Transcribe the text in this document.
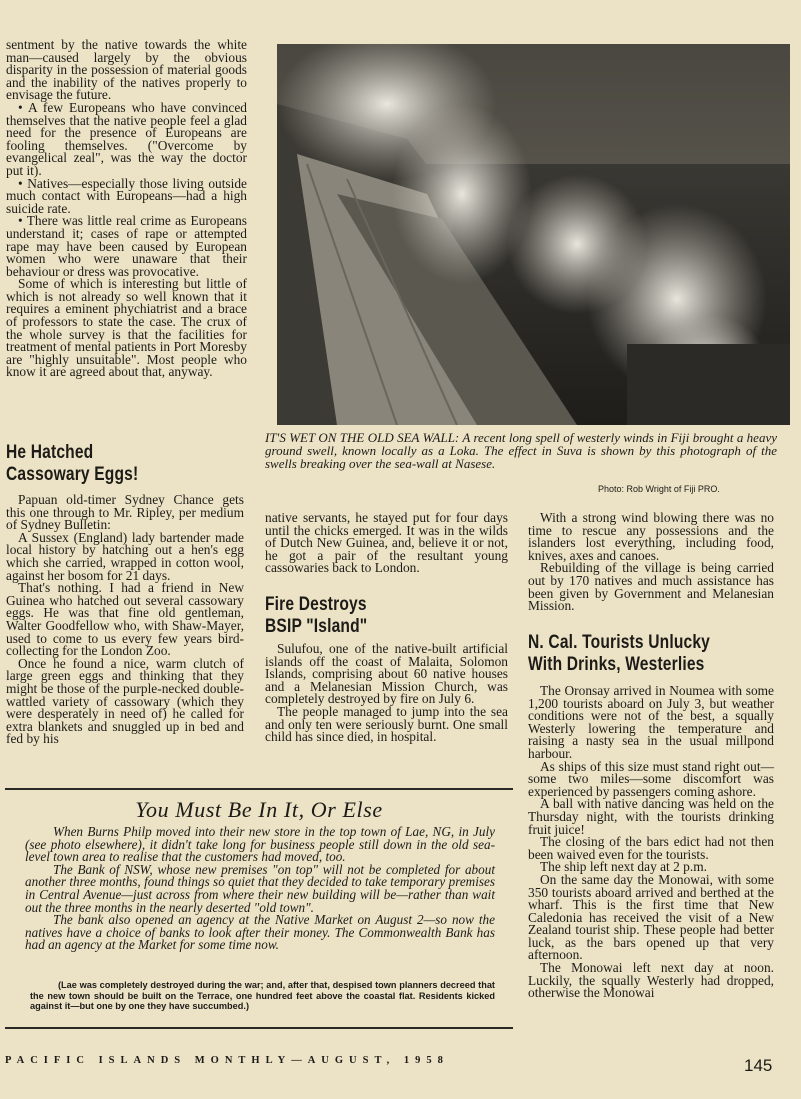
sentment by the native towards the white man—caused largely by the obvious disparity in the possession of material goods and the inability of the natives properly to envisage the future.

• A few Europeans who have convinced themselves that the native people feel a glad need for the presence of Europeans are fooling themselves. ("Overcome by evangelical zeal", was the way the doctor put it).

• Natives—especially those living outside much contact with Europeans—had a high suicide rate.

• There was little real crime as Europeans understand it; cases of rape or attempted rape may have been caused by European women who were unaware that their behaviour or dress was provocative.

Some of which is interesting but little of which is not already so well known that it requires a eminent phychiatrist and a brace of professors to state the case. The crux of the whole survey is that the facilities for treatment of mental patients in Port Moresby are "highly unsuitable". Most people who know it are agreed about that, anyway.

IT'S WET ON THE OLD SEA WALL: A recent long spell of westerly winds in Fiji brought a heavy ground swell, known locally as a Loka. The effect in Suva is shown by this photograph of the swells breaking over the sea-wall at Nasese.
Photo: Rob Wright of Fiji PRO.
He Hatched
Cassowary Eggs!

Papuan old-timer Sydney Chance gets this one through to Mr. Ripley, per medium of Sydney Bulletin:

A Sussex (England) lady bartender made local history by hatching out a hen's egg which she carried, wrapped in cotton wool, against her bosom for 21 days.

That's nothing. I had a friend in New Guinea who hatched out several cassowary eggs. He was that fine old gentleman, Walter Goodfellow who, with Shaw-Mayer, used to come to us every few years bird-collecting for the London Zoo.

Once he found a nice, warm clutch of large green eggs and thinking that they might be those of the purple-necked double-wattled variety of cassowary (which they were desperately in need of) he called for extra blankets and snuggled up in bed and fed by his

native servants, he stayed put for four days until the chicks emerged. It was in the wilds of Dutch New Guinea, and, believe it or not, he got a pair of the resultant young cassowaries back to London.

Fire Destroys
BSIP "Island"

Sulufou, one of the native-built artificial islands off the coast of Malaita, Solomon Islands, comprising about 60 native houses and a Melanesian Mission Church, was completely destroyed by fire on July 6.

The people managed to jump into the sea and only ten were seriously burnt. One small child has since died, in hospital.

With a strong wind blowing there was no time to rescue any possessions and the islanders lost everything, including food, knives, axes and canoes.

Rebuilding of the village is being carried out by 170 natives and much assistance has been given by Government and Melanesian Mission.

N. Cal. Tourists Unlucky
With Drinks, Westerlies

The Oronsay arrived in Noumea with some 1,200 tourists aboard on July 3, but weather conditions were not of the best, a squally Westerly lowering the temperature and raising a nasty sea in the usual millpond harbour.

As ships of this size must stand right out—some two miles—some discomfort was experienced by passengers coming ashore.

A ball with native dancing was held on the Thursday night, with the tourists drinking fruit juice!

The closing of the bars edict had not then been waived even for the tourists.

The ship left next day at 2 p.m.

On the same day the Monowai, with some 350 tourists aboard arrived and berthed at the wharf. This is the first time that New Caledonia has received the visit of a New Zealand tourist ship. These people had better luck, as the bars opened up that very afternoon.

The Monowai left next day at noon. Luckily, the squally Westerly had dropped, otherwise the Monowai

You Must Be In It, Or Else

When Burns Philp moved into their new store in the top town of Lae, NG, in July (see photo elsewhere), it didn't take long for business people still down in the old sea-level town area to realise that the customers had moved, too.

The Bank of NSW, whose new premises "on top" will not be completed for about another three months, found things so quiet that they decided to take temporary premises in Central Avenue—just across from where their new building will be—rather than wait out the three months in the nearly deserted "old town".

The bank also opened an agency at the Native Market on August 2—so now the natives have a choice of banks to look after their money. The Commonwealth Bank has had an agency at the Market for some time now.

(Lae was completely destroyed during the war; and, after that, despised town planners decreed that the new town should be built on the Terrace, one hundred feet above the coastal flat. Residents kicked against it—but one by one they have succumbed.)

PACIFIC ISLANDS MONTHLY—AUGUST, 1958	145
